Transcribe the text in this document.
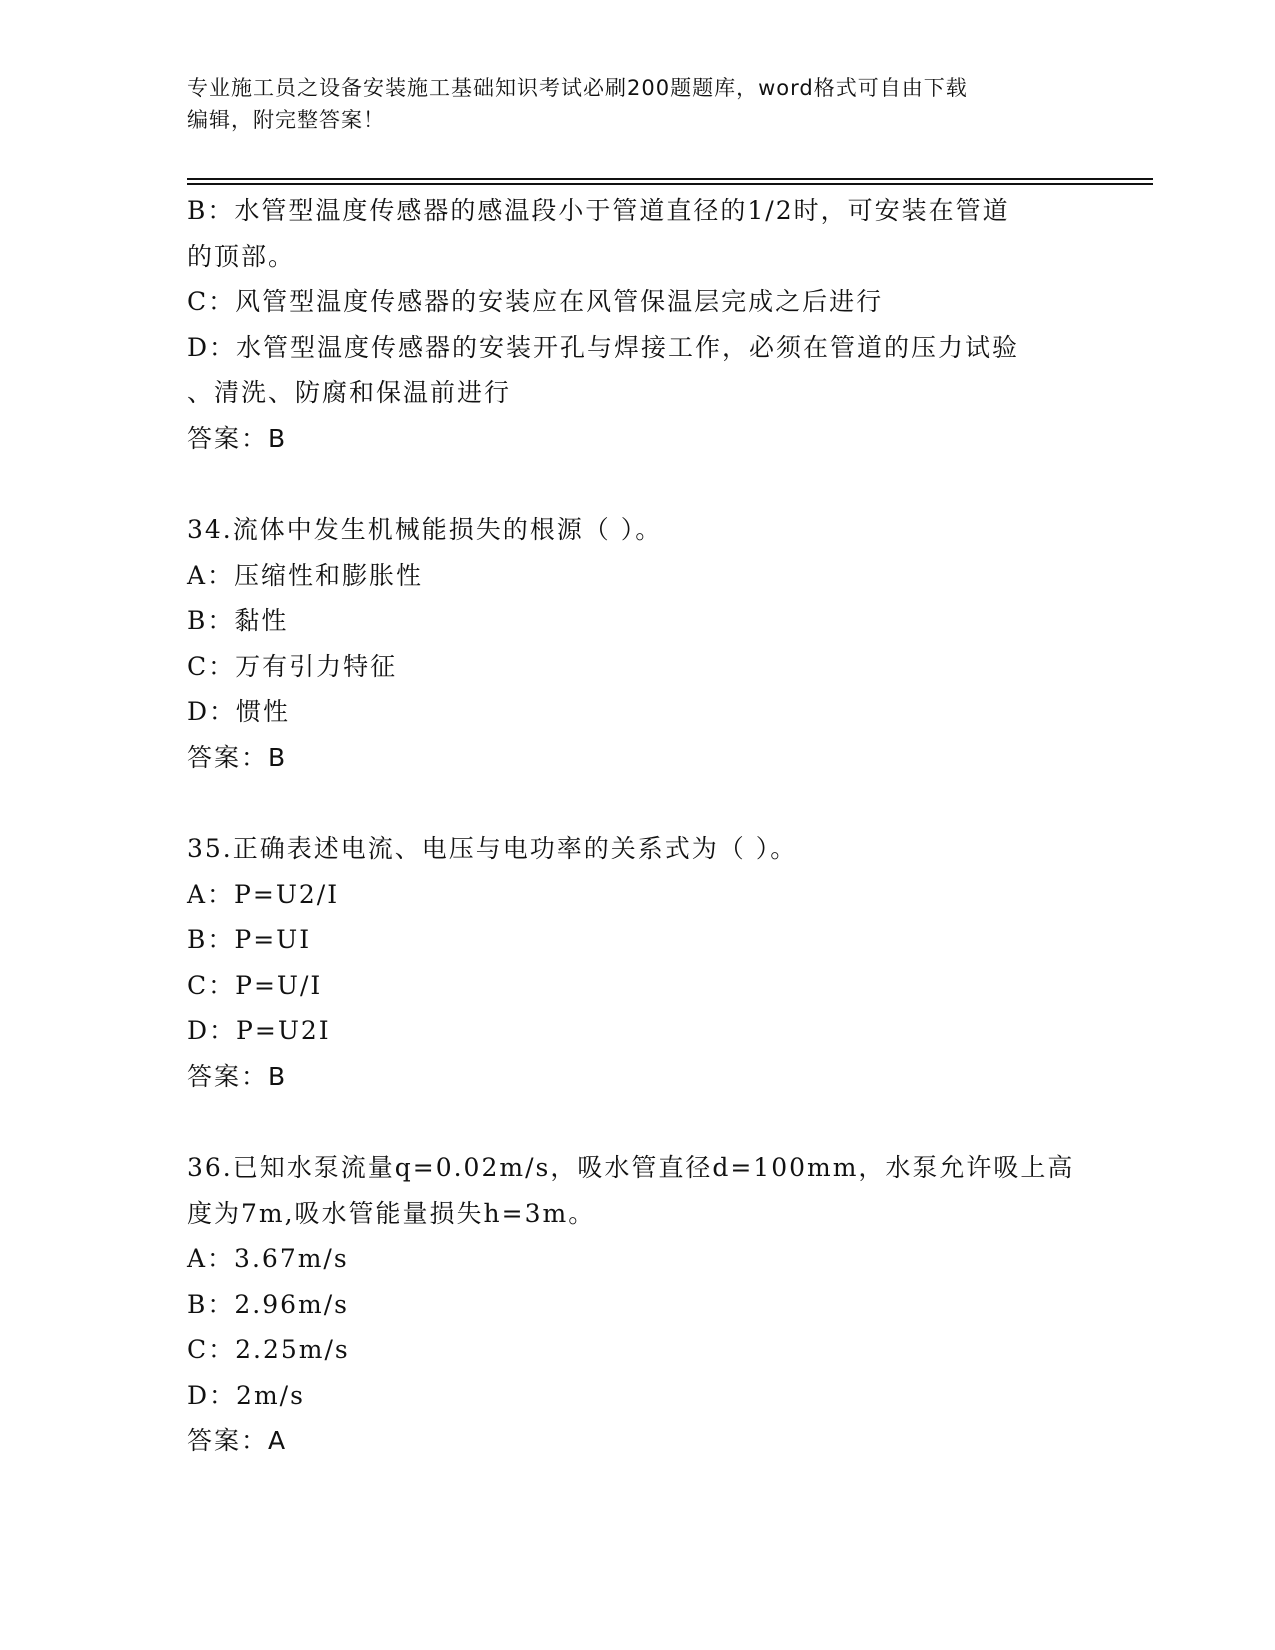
专业施工员之设备安装施工基础知识考试必刷200题题库，word格式可自由下载
编辑，附完整答案！
B：水管型温度传感器的感温段小于管道直径的1/2时，可安装在管道
的顶部。
C：风管型温度传感器的安装应在风管保温层完成之后进行
D：水管型温度传感器的安装开孔与焊接工作，必须在管道的压力试验
、清洗、防腐和保温前进行
答案：B
34.流体中发生机械能损失的根源（ ）。
A：压缩性和膨胀性
B：黏性
C：万有引力特征
D：惯性
答案：B
35.正确表述电流、电压与电功率的关系式为（ ）。
A：P=U2/I
B：P=UI
C：P=U/I
D：P=U2I
答案：B
36.已知水泵流量q=0.02m/s，吸水管直径d=100mm，水泵允许吸上高
度为7m,吸水管能量损失h=3m。
A：3.67m/s
B：2.96m/s
C：2.25m/s
D：2m/s
答案：A
